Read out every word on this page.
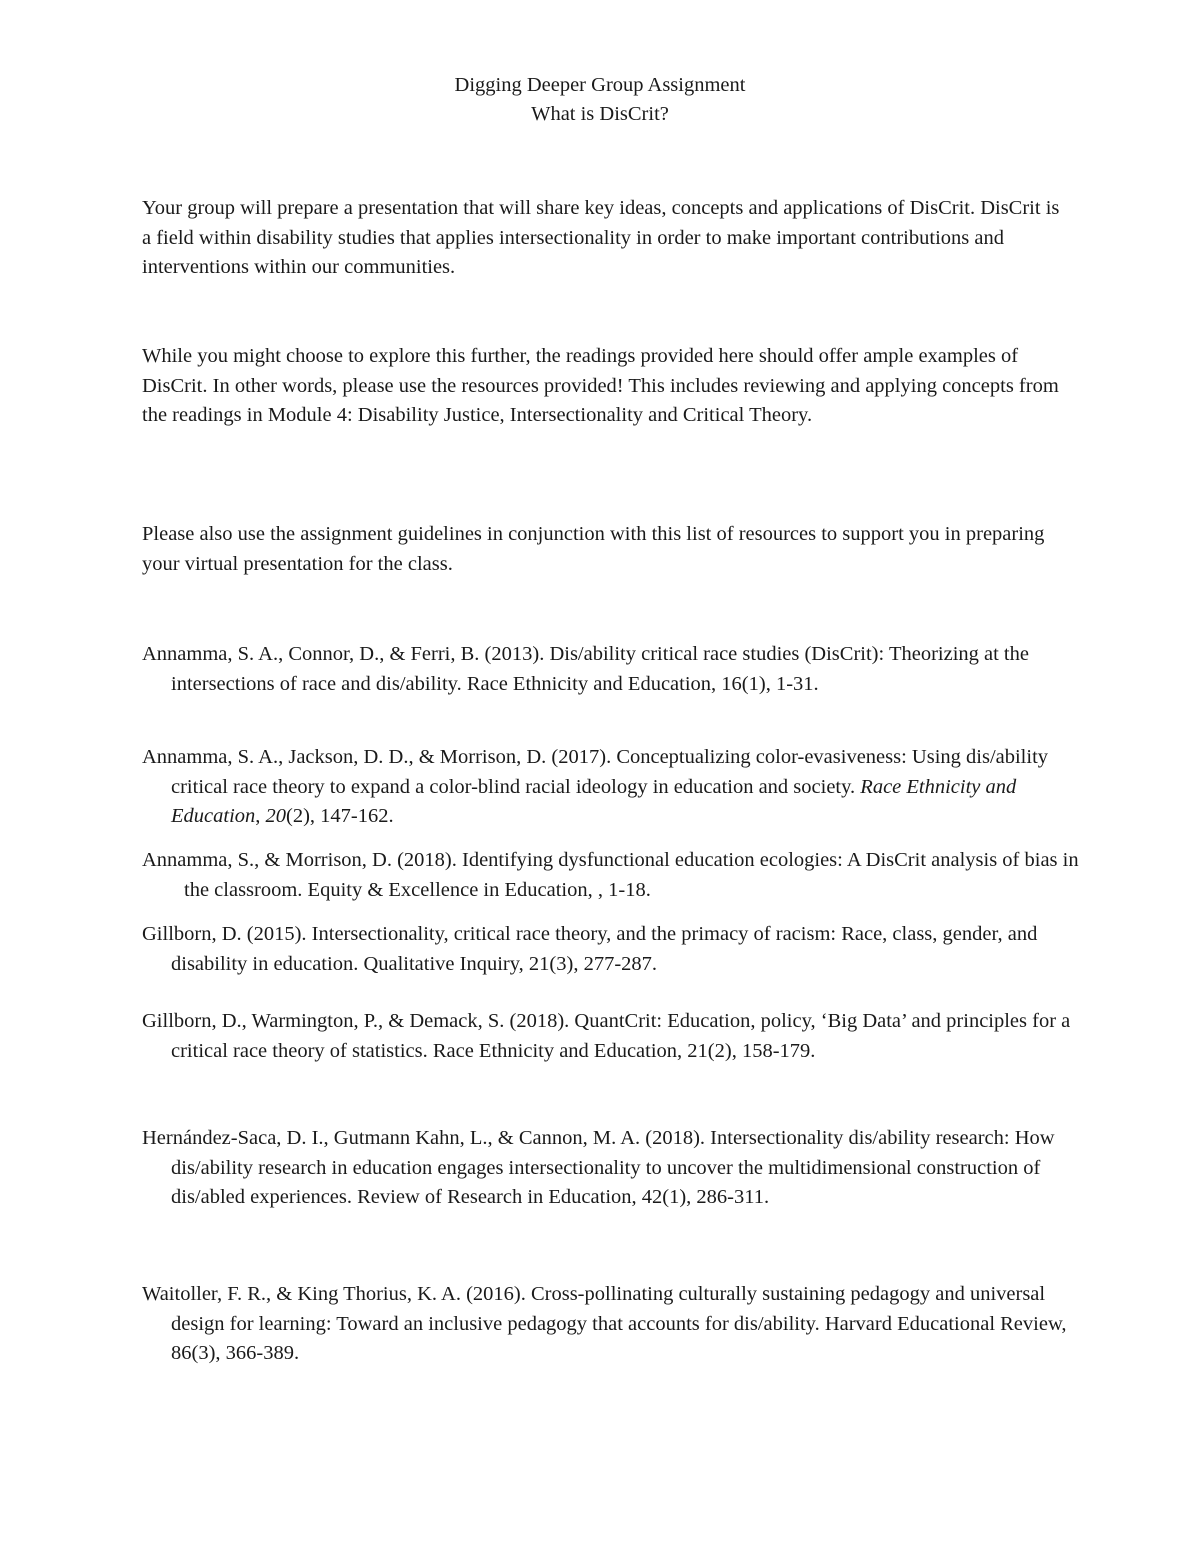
Digging Deeper Group Assignment
What is DisCrit?

Your group will prepare a presentation that will share key ideas, concepts and applications of DisCrit. DisCrit is a field within disability studies that applies intersectionality in order to make important contributions and interventions within our communities.

While you might choose to explore this further, the readings provided here should offer ample examples of DisCrit. In other words, please use the resources provided! This includes reviewing and applying concepts from the readings in Module 4: Disability Justice, Intersectionality and Critical Theory.

Please also use the assignment guidelines in conjunction with this list of resources to support you in preparing your virtual presentation for the class.

Annamma, S. A., Connor, D., & Ferri, B. (2013). Dis/ability critical race studies (DisCrit): Theorizing at the intersections of race and dis/ability. Race Ethnicity and Education, 16(1), 1-31.

Annamma, S. A., Jackson, D. D., & Morrison, D. (2017). Conceptualizing color-evasiveness: Using dis/ability critical race theory to expand a color-blind racial ideology in education and society. Race Ethnicity and Education, 20(2), 147-162.

Annamma, S., & Morrison, D. (2018). Identifying dysfunctional education ecologies: A DisCrit analysis of bias in the classroom. Equity & Excellence in Education, , 1-18.

Gillborn, D. (2015). Intersectionality, critical race theory, and the primacy of racism: Race, class, gender, and disability in education. Qualitative Inquiry, 21(3), 277-287.

Gillborn, D., Warmington, P., & Demack, S. (2018). QuantCrit: Education, policy, ‘Big Data’ and principles for a critical race theory of statistics. Race Ethnicity and Education, 21(2), 158-179.

Hernández-Saca, D. I., Gutmann Kahn, L., & Cannon, M. A. (2018). Intersectionality dis/ability research: How dis/ability research in education engages intersectionality to uncover the multidimensional construction of dis/abled experiences. Review of Research in Education, 42(1), 286-311.

Waitoller, F. R., & King Thorius, K. A. (2016). Cross-pollinating culturally sustaining pedagogy and universal design for learning: Toward an inclusive pedagogy that accounts for dis/ability. Harvard Educational Review, 86(3), 366-389.
